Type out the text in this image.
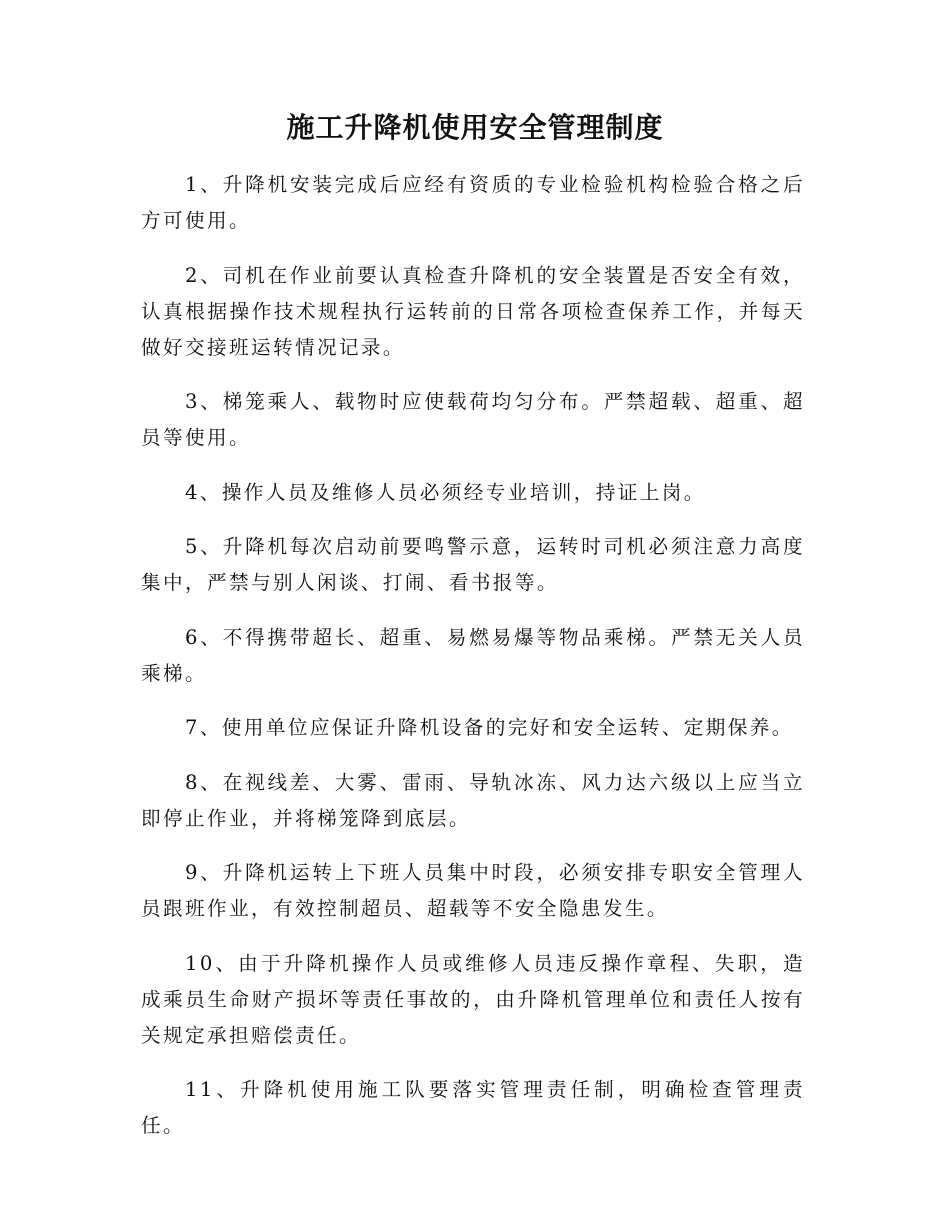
施工升降机使用安全管理制度

1、升降机安装完成后应经有资质的专业检验机构检验合格之后方可使用。

2、司机在作业前要认真检查升降机的安全装置是否安全有效，认真根据操作技术规程执行运转前的日常各项检查保养工作，并每天做好交接班运转情况记录。

3、梯笼乘人、载物时应使载荷均匀分布。严禁超载、超重、超员等使用。

4、操作人员及维修人员必须经专业培训，持证上岗。

5、升降机每次启动前要鸣警示意，运转时司机必须注意力高度集中，严禁与别人闲谈、打闹、看书报等。

6、不得携带超长、超重、易燃易爆等物品乘梯。严禁无关人员乘梯。

7、使用单位应保证升降机设备的完好和安全运转、定期保养。

8、在视线差、大雾、雷雨、导轨冰冻、风力达六级以上应当立即停止作业，并将梯笼降到底层。

9、升降机运转上下班人员集中时段，必须安排专职安全管理人员跟班作业，有效控制超员、超载等不安全隐患发生。

10、由于升降机操作人员或维修人员违反操作章程、失职，造成乘员生命财产损坏等责任事故的，由升降机管理单位和责任人按有关规定承担赔偿责任。

11、升降机使用施工队要落实管理责任制，明确检查管理责任。
